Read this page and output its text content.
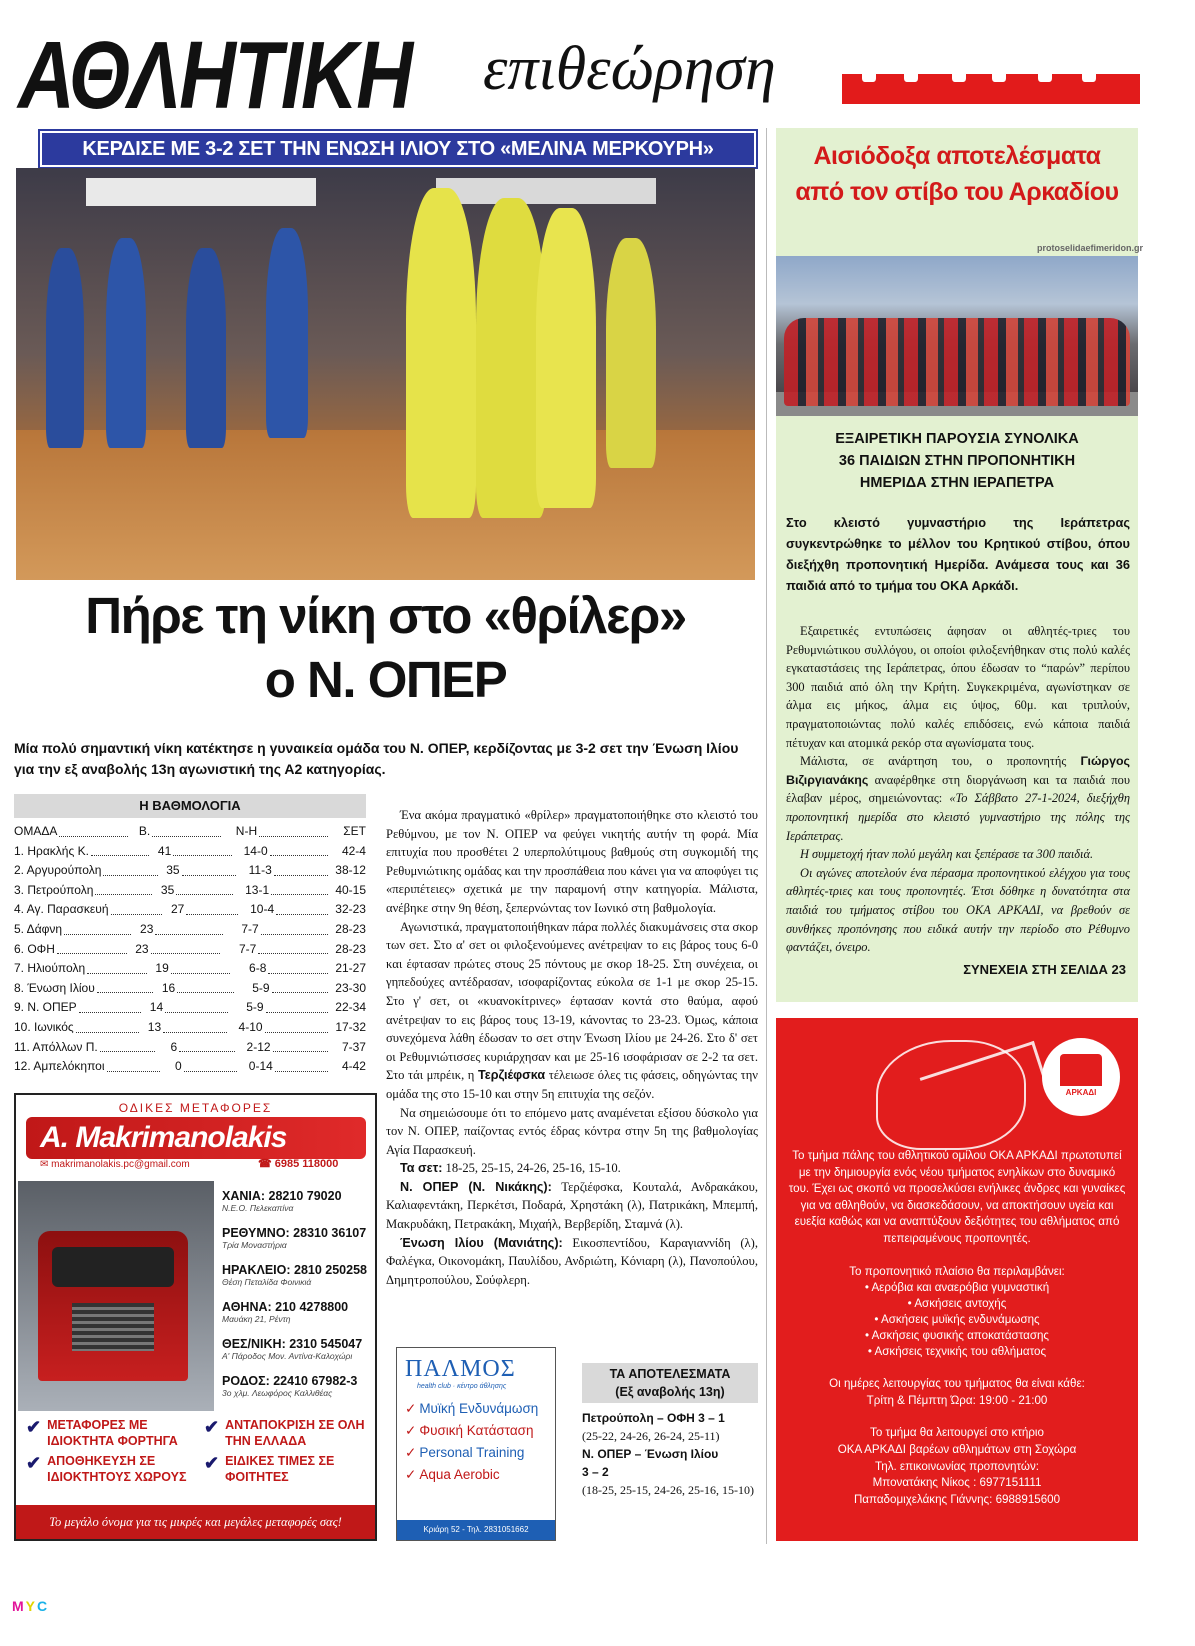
ΑΘΛΗΤΙΚΗ επιθεώρηση
ΚΕΡΔΙΣΕ ΜΕ 3-2 ΣΕΤ ΤΗΝ ΕΝΩΣΗ ΙΛΙΟΥ ΣΤΟ «ΜΕΛΙΝΑ ΜΕΡΚΟΥΡΗ»
Πήρε τη νίκη στο «θρίλερ»
ο Ν. ΟΠΕΡ
Μία πολύ σημαντική νίκη κατέκτησε η γυναικεία ομάδα του Ν. ΟΠΕΡ, κερδίζοντας με 3-2 σετ την Ένωση Ιλίου για την εξ αναβολής 13η αγωνιστική της Α2 κατηγορίας.
Η ΒΑΘΜΟΛΟΓΙΑ
ΟΜΑΔΑ	Β.	Ν-Η	ΣΕΤ
1. Ηρακλής Κ.	41	14-0	42-4
2. Αργυρούπολη	35	11-3	38-12
3. Πετρούπολη	35	13-1	40-15
4. Αγ. Παρασκευή	27	10-4	32-23
5. Δάφνη	23	7-7	28-23
6. ΟΦΗ	23	7-7	28-23
7. Ηλιούπολη	19	6-8	21-27
8. Ένωση Ιλίου	16	5-9	23-30
9. Ν. ΟΠΕΡ	14	5-9	22-34
10. Ιωνικός	13	4-10	17-32
11. Απόλλων Π.	6	2-12	7-37
12. Αμπελόκηποι	0	0-14	4-42

Ένα ακόμα πραγματικό «θρίλερ» πραγματοποιήθηκε στο κλειστό του Ρεθύμνου, με τον Ν. ΟΠΕΡ να φεύγει νικητής αυτήν τη φορά. Μία επιτυχία που προσθέτει 2 υπερπολύτιμους βαθμούς στη συγκομιδή της Ρεθυμνιώτικης ομάδας και την προσπάθεια που κάνει για να αποφύγει τις «περιπέτειες» σχετικά με την παραμονή στην κατηγορία. Μάλιστα, ανέβηκε στην 9η θέση, ξεπερνώντας τον Ιωνικό στη βαθμολογία.

Αγωνιστικά, πραγματοποιήθηκαν πάρα πολλές διακυμάνσεις στα σκορ των σετ. Στο α' σετ οι φιλοξενούμενες ανέτρεψαν το εις βάρος τους 6-0 και έφτασαν πρώτες στους 25 πόντους με σκορ 18-25. Στη συνέχεια, οι γηπεδούχες αντέδρασαν, ισοφαρίζοντας εύκολα σε 1-1 με σκορ 25-15. Στο γ' σετ, οι «κυανοκίτρινες» έφτασαν κοντά στο θαύμα, αφού ανέτρεψαν το εις βάρος τους 13-19, κάνοντας το 23-23. Όμως, κάποια συνεχόμενα λάθη έδωσαν το σετ στην Ένωση Ιλίου με 24-26. Στο δ' σετ οι Ρεθυμνιώτισσες κυριάρχησαν και με 25-16 ισοφάρισαν σε 2-2 τα σετ. Στο τάι μπρέικ, η Τερζιέφσκα τέλειωσε όλες τις φάσεις, οδηγώντας την ομάδα της στο 15-10 και στην 5η επιτυχία της σεζόν.

Να σημειώσουμε ότι το επόμενο ματς αναμένεται εξίσου δύσκολο για τον Ν. ΟΠΕΡ, παίζοντας εντός έδρας κόντρα στην 5η της βαθμολογίας Αγία Παρασκευή.

Τα σετ: 18-25, 25-15, 24-26, 25-16, 15-10.

Ν. ΟΠΕΡ (Ν. Νικάκης): Τερζιέφσκα, Κουταλά, Ανδρακάκου, Καλιαφεντάκη, Περκέτσι, Ποδαρά, Χρηστάκη (λ), Πατρικάκη, Μπεμπή, Μακρυδάκη, Πετρακάκη, Μιχαήλ, Βερβερίδη, Σταμνά (λ).

Ένωση Ιλίου (Μανιάτης): Εικοσπεντίδου, Καραγιαννίδη (λ), Φαλέγκα, Οικονομάκη, Παυλίδου, Ανδριώτη, Κόνιαρη (λ), Πανοπούλου, Δημητροπούλου, Σούφλερη.

ΟΔΙΚΕΣ ΜΕΤΑΦΟΡΕΣ
A. Makrimanolakis
✉ makrimanolakis.pc@gmail.com	☎ 6985 118000
ΧΑΝΙΑ: 28210 79020
Ν.Ε.Ο. Πελεκαπίνα
ΡΕΘΥΜΝΟ: 28310 36107
Τρία Μοναστήρια
ΗΡΑΚΛΕΙΟ: 2810 250258
Θέση Πεταλίδα Φοινικιά
ΑΘΗΝΑ: 210 4278800
Μαυάκη 21, Ρέντη
ΘΕΣ/ΝΙΚΗ: 2310 545047
Α' Πάροδος Μον. Αντίνα-Καλοχώρι
ΡΟΔΟΣ: 22410 67982-3
3ο χλμ. Λεωφόρος Καλλιθέας
✔ ΜΕΤΑΦΟΡΕΣ ΜΕ ΙΔΙΟΚΤΗΤΑ ΦΟΡΤΗΓΑ
✔ ΑΝΤΑΠΟΚΡΙΣΗ ΣΕ ΟΛΗ ΤΗΝ ΕΛΛΑΔΑ
✔ ΑΠΟΘΗΚΕΥΣΗ ΣΕ ΙΔΙΟΚΤΗΤΟΥΣ ΧΩΡΟΥΣ
✔ ΕΙΔΙΚΕΣ ΤΙΜΕΣ ΣΕ ΦΟΙΤΗΤΕΣ
Το μεγάλο όνομα για τις μικρές και μεγάλες μεταφορές σας!
ΠΑΛΜΟΣ
health club · κέντρο άθλησης
✓ Μυϊκή Ενδυνάμωση
✓ Φυσική Κατάσταση
✓ Personal Training
✓ Aqua Aerobic
Κριάρη 52 - Τηλ. 2831051662
ΤΑ ΑΠΟΤΕΛΕΣΜΑΤΑ
(Εξ αναβολής 13η)
Πετρούπολη – ΟΦΗ 3 – 1
(25-22, 24-26, 26-24, 25-11)
Ν. ΟΠΕΡ – Ένωση Ιλίου
3 – 2
(18-25, 25-15, 24-26, 25-16, 15-10)
Αισιόδοξα αποτελέσματα
από τον στίβο του Αρκαδίου
protoselidaefimeridon.gr
ΕΞΑΙΡΕΤΙΚΗ ΠΑΡΟΥΣΙΑ ΣΥΝΟΛΙΚΑ
36 ΠΑΙΔΙΩΝ ΣΤΗΝ ΠΡΟΠΟΝΗΤΙΚΗ
ΗΜΕΡΙΔΑ ΣΤΗΝ ΙΕΡΑΠΕΤΡΑ
Στο κλειστό γυμναστήριο της Ιεράπετρας συγκεντρώθηκε το μέλλον του Κρητικού στίβου, όπου διεξήχθη προπονητική Ημερίδα. Ανάμεσα τους και 36 παιδιά από το τμήμα του ΟΚΑ Αρκάδι.

Εξαιρετικές εντυπώσεις άφησαν οι αθλητές-τριες του Ρεθυμνιώτικου συλλόγου, οι οποίοι φιλοξενήθηκαν στις πολύ καλές εγκαταστάσεις της Ιεράπετρας, όπου έδωσαν το “παρών” περίπου 300 παιδιά από όλη την Κρήτη. Συγκεκριμένα, αγωνίστηκαν σε άλμα εις μήκος, άλμα εις ύψος, 60μ. και τριπλούν, πραγματοποιώντας πολύ καλές επιδόσεις, ενώ κάποια παιδιά πέτυχαν και ατομικά ρεκόρ στα αγωνίσματα τους.

Μάλιστα, σε ανάρτηση του, ο προπονητής Γιώργος Βιζιργιανάκης αναφέρθηκε στη διοργάνωση και τα παιδιά που έλαβαν μέρος, σημειώνοντας: «Το Σάββατο 27-1-2024, διεξήχθη προπονητική ημερίδα στο κλειστό γυμναστήριο της πόλης της Ιεράπετρας.

Η συμμετοχή ήταν πολύ μεγάλη και ξεπέρασε τα 300 παιδιά.

Οι αγώνες αποτελούν ένα πέρασμα προπονητικού ελέγχου για τους αθλητές-τριες και τους προπονητές. Έτσι δόθηκε η δυνατότητα στα παιδιά του τμήματος στίβου του ΟΚΑ ΑΡΚΑΔΙ, να βρεθούν σε συνθήκες προπόνησης που ειδικά αυτήν την περίοδο στο Ρέθυμνο φαντάζει, όνειρο.

ΣΥΝΕΧΕΙΑ ΣΤΗ ΣΕΛΙΔΑ 23
ΑΡΚΑΔΙ

Το τμήμα πάλης του αθλητικού ομίλου ΟΚΑ ΑΡΚΑΔΙ πρωτοτυπεί με την δημιουργία ενός νέου τμήματος ενηλίκων στο δυναμικό του. Έχει ως σκοπό να προσελκύσει ενήλικες άνδρες και γυναίκες για να αθληθούν, να διασκεδάσουν, να αποκτήσουν υγεία και ευεξία καθώς και να αναπτύξουν δεξιότητες του αθλήματος από πεπειραμένους προπονητές.

Το προπονητικό πλαίσιο θα περιλαμβάνει:
• Αερόβια και αναερόβια γυμναστική
• Ασκήσεις αντοχής
• Ασκήσεις μυϊκής ενδυνάμωσης
• Ασκήσεις φυσικής αποκατάστασης
• Ασκήσεις τεχνικής του αθλήματος
Οι ημέρες λειτουργίας του τμήματος θα είναι κάθε:

Τρίτη & Πέμπτη Ώρα: 19:00 - 21:00

Το τμήμα θα λειτουργεί στο κτήριο
ΟΚΑ ΑΡΚΑΔΙ βαρέων αθλημάτων στη Σοχώρα
Τηλ. επικοινωνίας προπονητών:
Μπονατάκης Νίκος : 6977151111
Παπαδομιχελάκης Γιάννης: 6988915600
MYC
